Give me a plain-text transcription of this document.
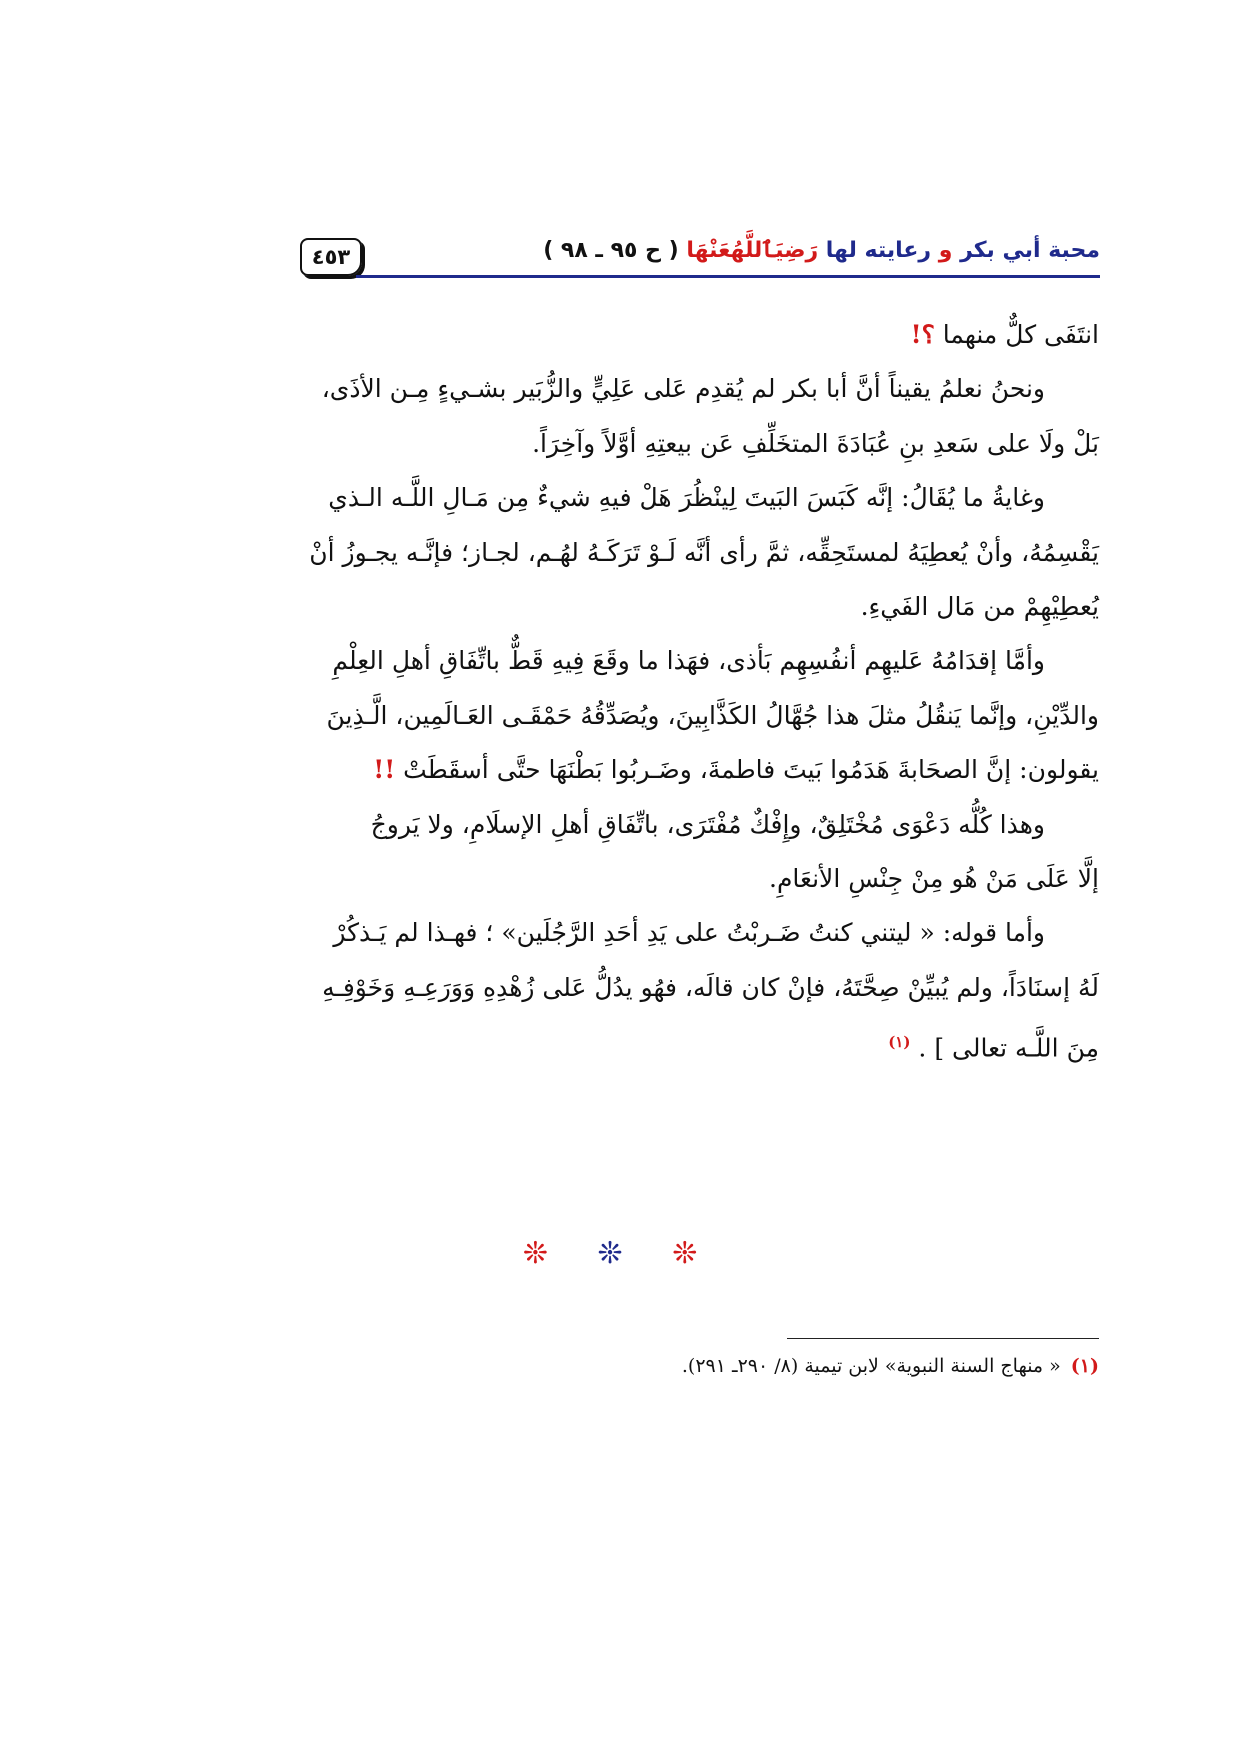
٤٥٣	محبة أبي بكر و رعايته لها رَضِيَٱللَّهُعَنْهَا ( ح ٩٥ ـ ٩٨ )

انتَفَى كلٌّ منهما ؟!

ونحنُ نعلمُ يقيناً أنَّ أبا بكر لم يُقدِم عَلى عَلِيٍّ والزُّبَير بشـيءٍ مِـن الأذَى،
بَلْ ولَا على سَعدِ بنِ عُبَادَةَ المتخَلِّفِ عَن بيعتِهِ أوَّلاً وآخِرَاً.

وغايةُ ما يُقَالُ: إنَّه كَبَسَ البَيتَ لِينْظُرَ هَلْ فيهِ شيءٌ مِن مَـالِ اللَّـه الـذي
يَقْسِمُهُ، وأنْ يُعطِيَهُ لمستَحِقِّه، ثمَّ رأى أنَّه لَـوْ تَرَكَـهُ لهُـم، لجـاز؛ فإنَّـه يجـوزُ أنْ
يُعطِيْهِمْ من مَال الفَيءِ.

وأمَّا إقدَامُهُ عَليهِم أنفُسِهِم بَأذى، فهَذا ما وقَعَ فِيهِ قَطٌّ باتِّفَاقِ أهلِ العِلْمِ
والدِّيْنِ، وإنَّما يَنقُلُ مثلَ هذا جُهَّالُ الكَذَّابِينَ، ويُصَدِّقُهُ حَمْقَـى العَـالَمِين، الَّـذِينَ
يقولون: إنَّ الصحَابةَ هَدَمُوا بَيتَ فاطمةَ، وضَـربُوا بَطْنَهَا حتَّى أسقَطَتْ !!

وهذا كُلُّه دَعْوَى مُخْتَلِقٌ، وإِفْكٌ مُفْتَرَى، باتِّفَاقِ أهلِ الإسلَامِ، ولا يَروجُ
إلَّا عَلَى مَنْ هُو مِنْ جِنْسِ الأنعَامِ.

وأما قوله: « ليتني كنتُ ضَـربْتُ على يَدِ أحَدِ الرَّجُلَين» ؛ فهـذا لم يَـذكُرْ
لَهُ إسنَادَاً، ولم يُبيِّنْ صِحَّتَهُ، فإنْ كان قالَه، فهُو يدُلُّ عَلى زُهْدِهِ وَوَرَعِـهِ وَخَوْفِـهِ
مِنَ اللَّـه تعالى ] . $^{(١)}$

❊ ❊ ❊
(١)« منهاج السنة النبوية» لابن تيمية (٨/ ٢٩٠ـ ٢٩١).
